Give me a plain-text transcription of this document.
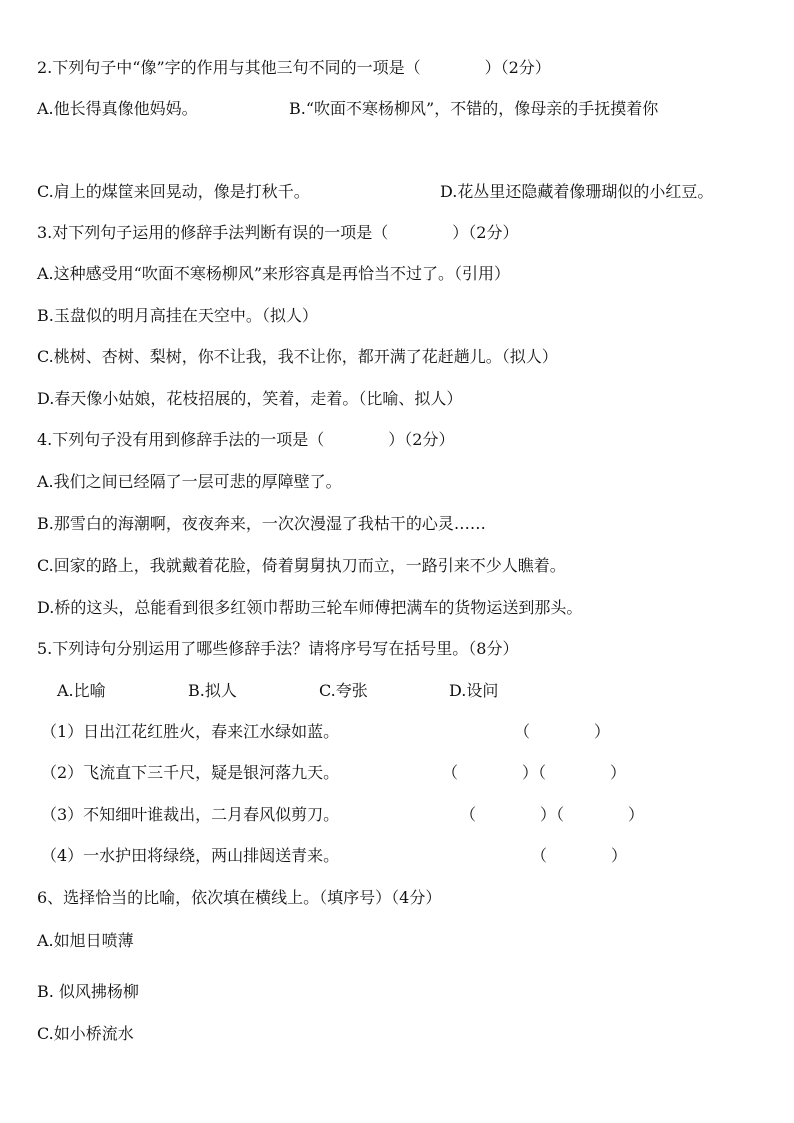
2.下列句子中“像”字的作用与其他三句不同的一项是（　　　　）（2分）
A.他长得真像他妈妈。	B.“吹面不寒杨柳风”，不错的，像母亲的手抚摸着你
C.肩上的煤筐来回晃动，像是打秋千。	D.花丛里还隐藏着像珊瑚似的小红豆。
3.对下列句子运用的修辞手法判断有误的一项是（　　　　）（2分）
A.这种感受用“吹面不寒杨柳风”来形容真是再恰当不过了。（引用）
B.玉盘似的明月高挂在天空中。（拟人）
C.桃树、杏树、梨树，你不让我，我不让你，都开满了花赶趟儿。（拟人）
D.春天像小姑娘，花枝招展的，笑着，走着。（比喻、拟人）
4.下列句子没有用到修辞手法的一项是（　　　　）（2分）
A.我们之间已经隔了一层可悲的厚障壁了。
B.那雪白的海潮啊，夜夜奔来，一次次漫湿了我枯干的心灵……
C.回家的路上，我就戴着花脸，倚着舅舅执刀而立，一路引来不少人瞧着。
D.桥的这头，总能看到很多红领巾帮助三轮车师傅把满车的货物运送到那头。
5.下列诗句分别运用了哪些修辞手法？请将序号写在括号里。（8分）
A.比喻	B.拟人	C.夸张	D.设问
（1）日出江花红胜火，春来江水绿如蓝。	（　　　　）
（2）飞流直下三千尺，疑是银河落九天。	（　　　　）（　　　　）
（3）不知细叶谁裁出，二月春风似剪刀。	（　　　　）（　　　　）
（4）一水护田将绿绕，两山排闼送青来。	（　　　　）
6、选择恰当的比喻，依次填在横线上。（填序号）（4分）
A.如旭日喷薄
B. 似风拂杨柳
C.如小桥流水
